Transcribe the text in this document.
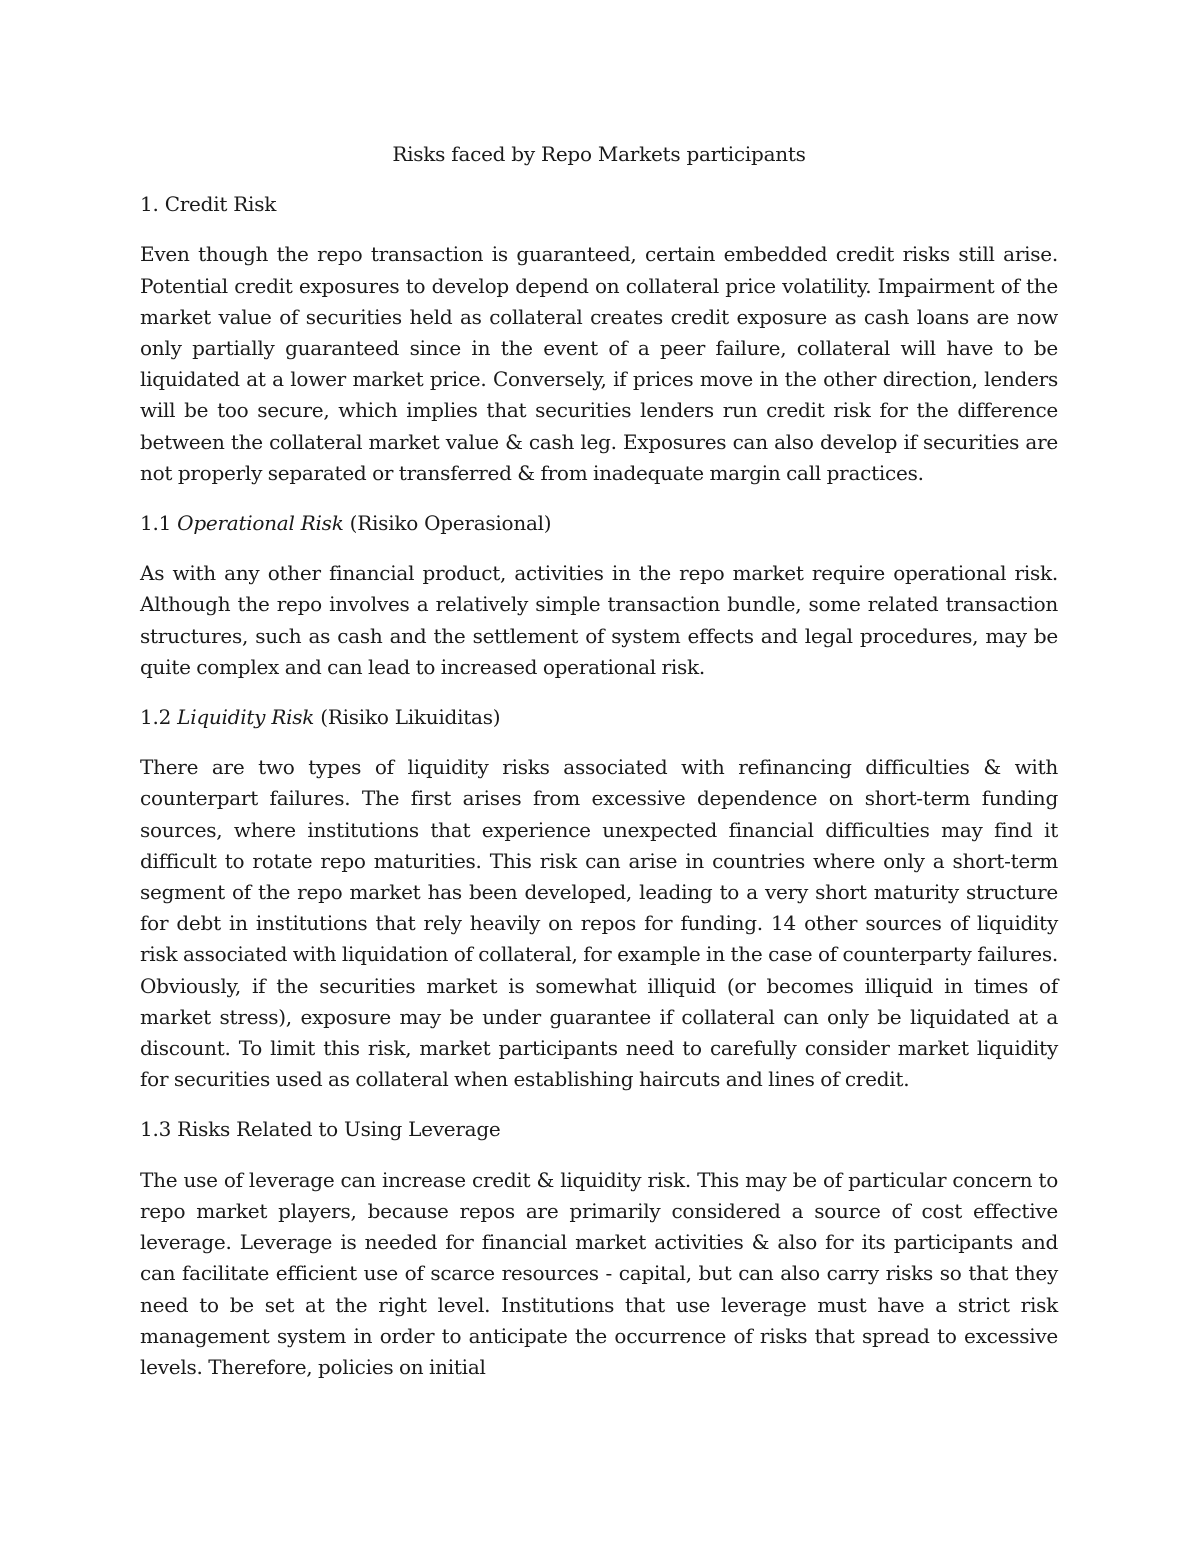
Risks faced by Repo Markets participants
1. Credit Risk

Even though the repo transaction is guaranteed, certain embedded credit risks still arise. Potential credit exposures to develop depend on collateral price volatility. Impairment of the market value of securities held as collateral creates credit exposure as cash loans are now only partially guaranteed since in the event of a peer failure, collateral will have to be liquidated at a lower market price. Conversely, if prices move in the other direction, lenders will be too secure, which implies that securities lenders run credit risk for the difference between the collateral market value & cash leg. Exposures can also develop if securities are not properly separated or transferred & from inadequate margin call practices.

1.1 Operational Risk (Risiko Operasional)

As with any other financial product, activities in the repo market require operational risk. Although the repo involves a relatively simple transaction bundle, some related transaction structures, such as cash and the settlement of system effects and legal procedures, may be quite complex and can lead to increased operational risk.

1.2 Liquidity Risk (Risiko Likuiditas)

There are two types of liquidity risks associated with refinancing difficulties & with counterpart failures. The first arises from excessive dependence on short-term funding sources, where institutions that experience unexpected financial difficulties may find it difficult to rotate repo maturities. This risk can arise in countries where only a short-term segment of the repo market has been developed, leading to a very short maturity structure for debt in institutions that rely heavily on repos for funding. 14 other sources of liquidity risk associated with liquidation of collateral, for example in the case of counterparty failures. Obviously, if the securities market is somewhat illiquid (or becomes illiquid in times of market stress), exposure may be under guarantee if collateral can only be liquidated at a discount. To limit this risk, market participants need to carefully consider market liquidity for securities used as collateral when establishing haircuts and lines of credit.

1.3 Risks Related to Using Leverage

The use of leverage can increase credit & liquidity risk. This may be of particular concern to repo market players, because repos are primarily considered a source of cost effective leverage. Leverage is needed for financial market activities & also for its participants and can facilitate efficient use of scarce resources - capital, but can also carry risks so that they need to be set at the right level. Institutions that use leverage must have a strict risk management system in order to anticipate the occurrence of risks that spread to excessive levels. Therefore, policies on initial
